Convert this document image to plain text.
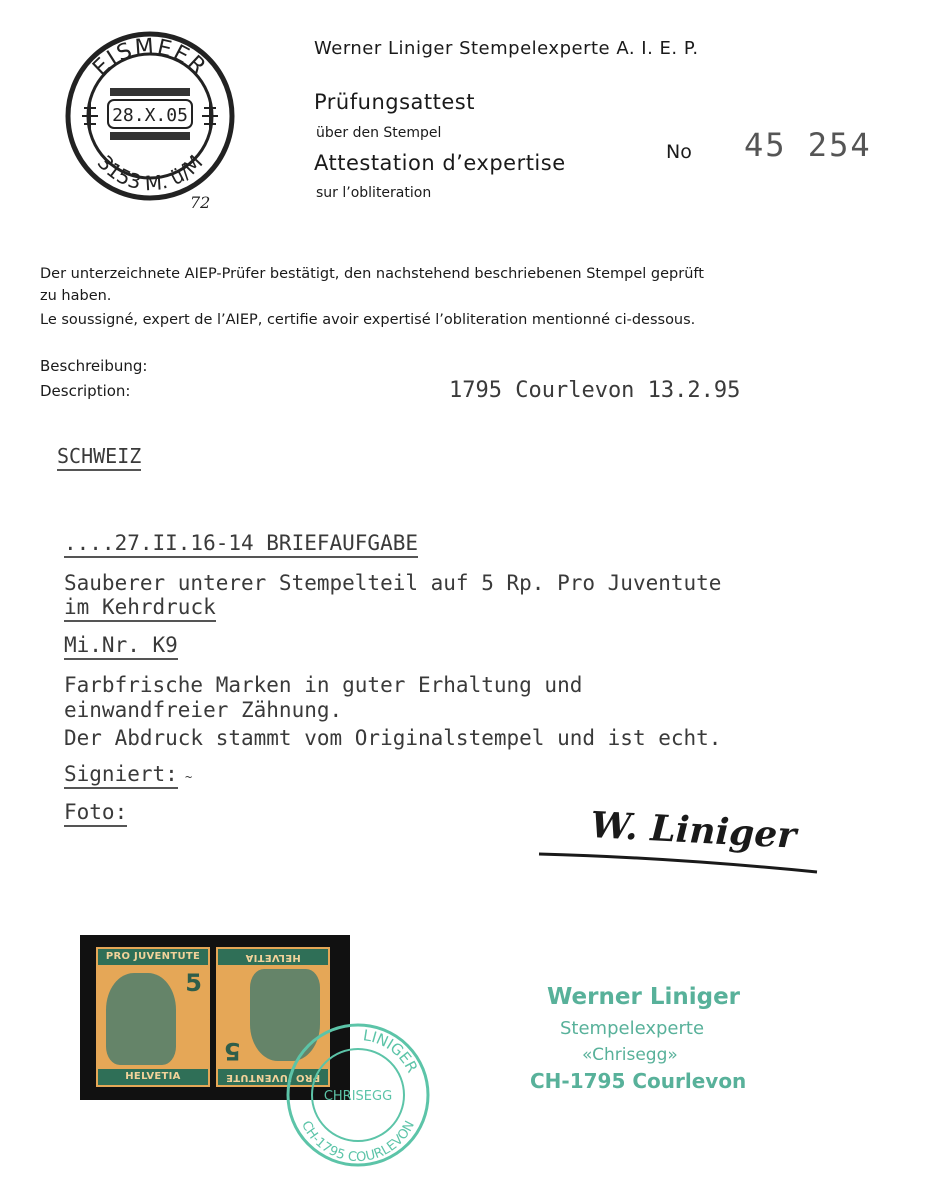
EISMEER
3153 M. ü/M
28.X.05
72
Werner Liniger Stempelexperte A. I. E. P.
Prüfungsattest
über den Stempel
Attestation d’expertise
sur l’obliteration
No 45 254
Der unterzeichnete AIEP-Prüfer bestätigt, den nachstehend beschriebenen Stempel geprüft
zu haben.
Le soussigné, expert de l’AIEP, certifie avoir expertisé l’obliteration mentionné ci-dessous.
Beschreibung:
Description:	1795 Courlevon 13.2.95
SCHWEIZ
....27.II.16-14 BRIEFAUFGABE
Sauberer unterer Stempelteil auf 5 Rp. Pro Juventute
im Kehrdruck
Mi.Nr. K9
Farbfrische Marken in guter Erhaltung und
einwandfreier Zähnung.
Der Abdruck stammt vom Originalstempel und ist echt.
Signiert: ~
Foto:	W. Liniger
PRO JUVENTUTE
5
HELVETIA	PRO JUVENTUTE
5
HELVETIA
LINIGER
CHRISEGG
CH-1795 COURLEVON
Werner Liniger
Stempelexperte
«Chrisegg»
CH-1795 Courlevon
